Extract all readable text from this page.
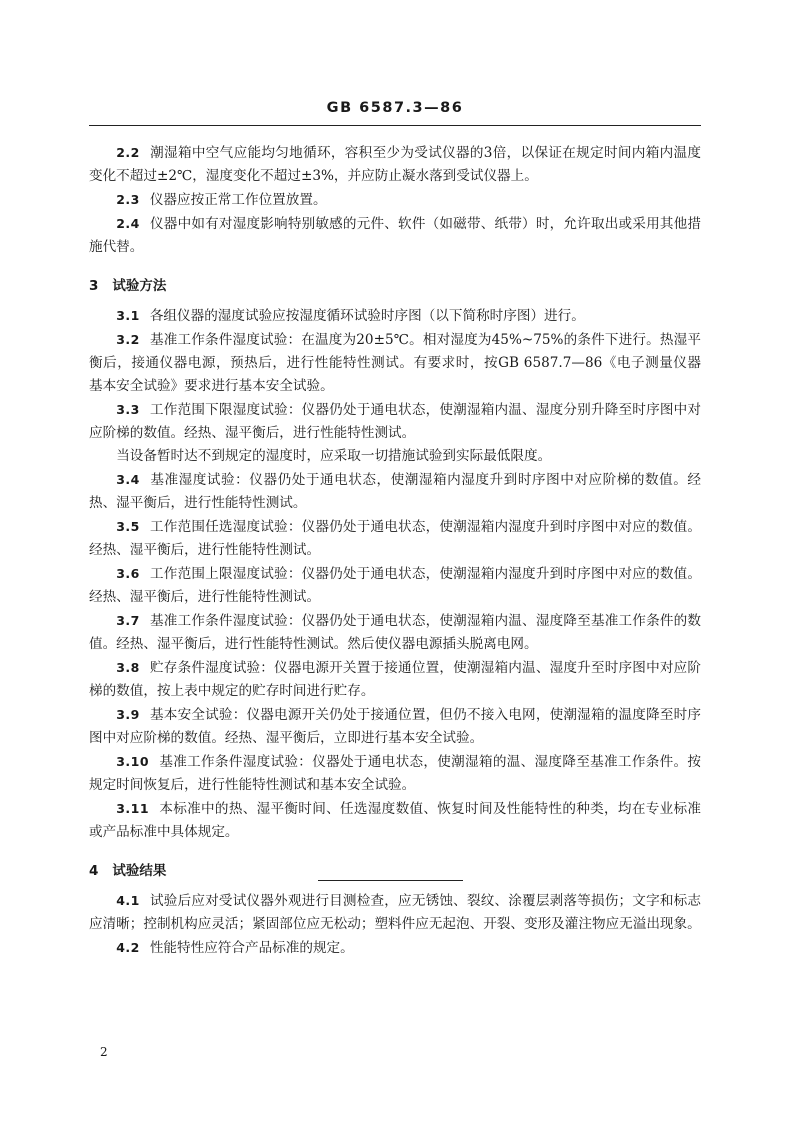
GB 6587.3—86

2.2 潮湿箱中空气应能均匀地循环，容积至少为受试仪器的3倍，以保证在规定时间内箱内温度变化不超过±2℃，湿度变化不超过±3%，并应防止凝水落到受试仪器上。

2.3 仪器应按正常工作位置放置。

2.4 仪器中如有对湿度影响特别敏感的元件、软件（如磁带、纸带）时，允许取出或采用其他措施代替。

3 试验方法

3.1 各组仪器的湿度试验应按湿度循环试验时序图（以下简称时序图）进行。

3.2 基准工作条件湿度试验：在温度为20±5℃。相对湿度为45%~75%的条件下进行。热湿平衡后，接通仪器电源，预热后，进行性能特性测试。有要求时，按GB 6587.7—86《电子测量仪器　基本安全试验》要求进行基本安全试验。

3.3 工作范围下限湿度试验：仪器仍处于通电状态，使潮湿箱内温、湿度分别升降至时序图中对应阶梯的数值。经热、湿平衡后，进行性能特性测试。

当设备暂时达不到规定的湿度时，应采取一切措施试验到实际最低限度。

3.4 基准湿度试验：仪器仍处于通电状态，使潮湿箱内湿度升到时序图中对应阶梯的数值。经热、湿平衡后，进行性能特性测试。

3.5 工作范围任选湿度试验：仪器仍处于通电状态，使潮湿箱内湿度升到时序图中对应的数值。经热、湿平衡后，进行性能特性测试。

3.6 工作范围上限湿度试验：仪器仍处于通电状态，使潮湿箱内湿度升到时序图中对应的数值。经热、湿平衡后，进行性能特性测试。

3.7 基准工作条件湿度试验：仪器仍处于通电状态，使潮湿箱内温、湿度降至基准工作条件的数值。经热、湿平衡后，进行性能特性测试。然后使仪器电源插头脱离电网。

3.8 贮存条件湿度试验：仪器电源开关置于接通位置，使潮湿箱内温、湿度升至时序图中对应阶梯的数值，按上表中规定的贮存时间进行贮存。

3.9 基本安全试验：仪器电源开关仍处于接通位置，但仍不接入电网，使潮湿箱的温度降至时序图中对应阶梯的数值。经热、湿平衡后，立即进行基本安全试验。

3.10 基准工作条件湿度试验：仪器处于通电状态，使潮湿箱的温、湿度降至基准工作条件。按规定时间恢复后，进行性能特性测试和基本安全试验。

3.11 本标准中的热、湿平衡时间、任选湿度数值、恢复时间及性能特性的种类，均在专业标准或产品标准中具体规定。

4 试验结果

4.1 试验后应对受试仪器外观进行目测检查，应无锈蚀、裂纹、涂覆层剥落等损伤；文字和标志应清晰；控制机构应灵活；紧固部位应无松动；塑料件应无起泡、开裂、变形及灌注物应无溢出现象。

4.2 性能特性应符合产品标准的规定。

2
